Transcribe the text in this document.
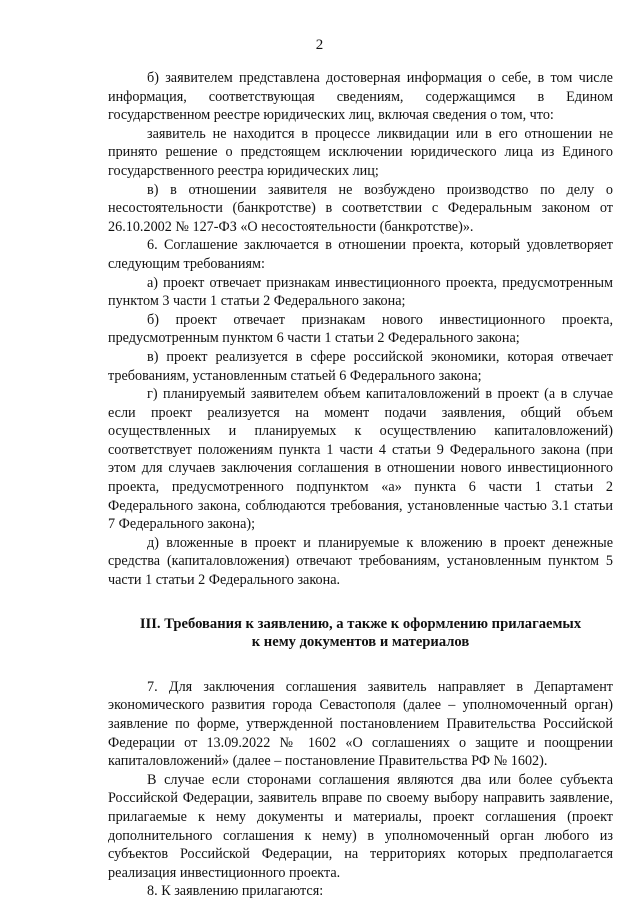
2

б) заявителем представлена достоверная информация о себе, в том числе информация, соответствующая сведениям, содержащимся в Едином государственном реестре юридических лиц, включая сведения о том, что:

заявитель не находится в процессе ликвидации или в его отношении не принято решение о предстоящем исключении юридического лица из Единого государственного реестра юридических лиц;

в) в отношении заявителя не возбуждено производство по делу о несостоятельности (банкротстве) в соответствии с Федеральным законом от 26.10.2002 № 127-ФЗ «О несостоятельности (банкротстве)».

6. Соглашение заключается в отношении проекта, который удовлетворяет следующим требованиям:

а) проект отвечает признакам инвестиционного проекта, предусмотренным пунктом 3 части 1 статьи 2 Федерального закона;

б) проект отвечает признакам нового инвестиционного проекта, предусмотренным пунктом 6 части 1 статьи 2 Федерального закона;

в) проект реализуется в сфере российской экономики, которая отвечает требованиям, установленным статьей 6 Федерального закона;

г) планируемый заявителем объем капиталовложений в проект (а в случае если проект реализуется на момент подачи заявления, общий объем осуществленных и планируемых к осуществлению капиталовложений) соответствует положениям пункта 1 части 4 статьи 9 Федерального закона (при этом для случаев заключения соглашения в отношении нового инвестиционного проекта, предусмотренного подпунктом «а» пункта 6 части 1 статьи 2 Федерального закона, соблюдаются требования, установленные частью 3.1 статьи 7 Федерального закона);

д) вложенные в проект и планируемые к вложению в проект денежные средства (капиталовложения) отвечают требованиям, установленным пунктом 5 части 1 статьи 2 Федерального закона.

III. Требования к заявлению, а также к оформлению прилагаемых
к нему документов и материалов

7. Для заключения соглашения заявитель направляет в Департамент экономического развития города Севастополя (далее – уполномоченный орган) заявление по форме, утвержденной постановлением Правительства Российской Федерации от 13.09.2022 № 1602 «О соглашениях о защите и поощрении капиталовложений» (далее – постановление Правительства РФ № 1602).

В случае если сторонами соглашения являются два или более субъекта Российской Федерации, заявитель вправе по своему выбору направить заявление, прилагаемые к нему документы и материалы, проект соглашения (проект дополнительного соглашения к нему) в уполномоченный орган любого из субъектов Российской Федерации, на территориях которых предполагается реализация инвестиционного проекта.

8. К заявлению прилагаются:
